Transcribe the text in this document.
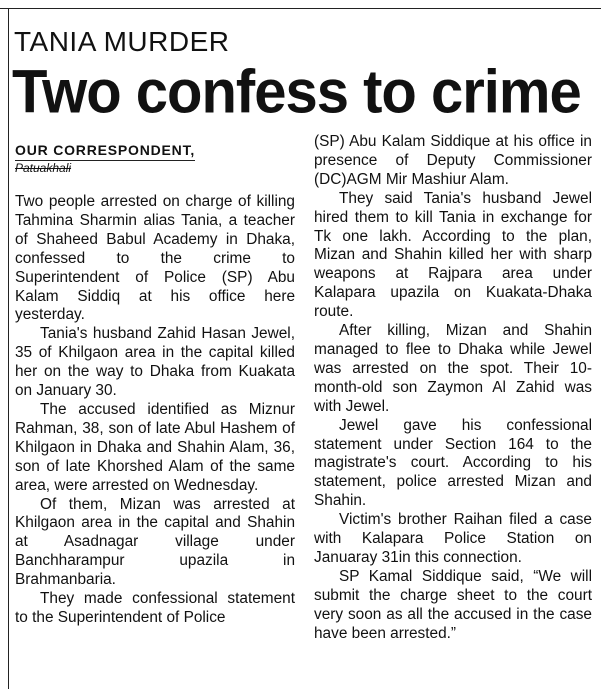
TANIA MURDER
Two confess to crime
OUR CORRESPONDENT,
Patuakhali

Two people arrested on charge of killing Tahmina Sharmin alias Tania, a teacher of Shaheed Babul Academy in Dhaka, confessed to the crime to Superintendent of Police (SP) Abu Kalam Siddiq at his office here yesterday.

Tania's husband Zahid Hasan Jewel, 35 of Khilgaon area in the capital killed her on the way to Dhaka from Kuakata on January 30.

The accused identified as Miznur Rahman, 38, son of late Abul Hashem of Khilgaon in Dhaka and Shahin Alam, 36, son of late Khorshed Alam of the same area, were arrested on Wednesday.

Of them, Mizan was arrested at Khilgaon area in the capital and Shahin at Asadnagar village under Banchharampur upazila in Brahmanbaria.

They made confessional statement to the Superintendent of Police

(SP) Abu Kalam Siddique at his office in presence of Deputy Commissioner (DC)AGM Mir Mashiur Alam.

They said Tania's husband Jewel hired them to kill Tania in exchange for Tk one lakh. According to the plan, Mizan and Shahin killed her with sharp weapons at Rajpara area under Kalapara upazila on Kuakata-Dhaka route.

After killing, Mizan and Shahin managed to flee to Dhaka while Jewel was arrested on the spot. Their 10-month-old son Zaymon Al Zahid was with Jewel.

Jewel gave his confessional statement under Section 164 to the magistrate's court. According to his statement, police arrested Mizan and Shahin.

Victim's brother Raihan filed a case with Kalapara Police Station on Januaray 31in this connection.

SP Kamal Siddique said, “We will submit the charge sheet to the court very soon as all the accused in the case have been arrested.”
